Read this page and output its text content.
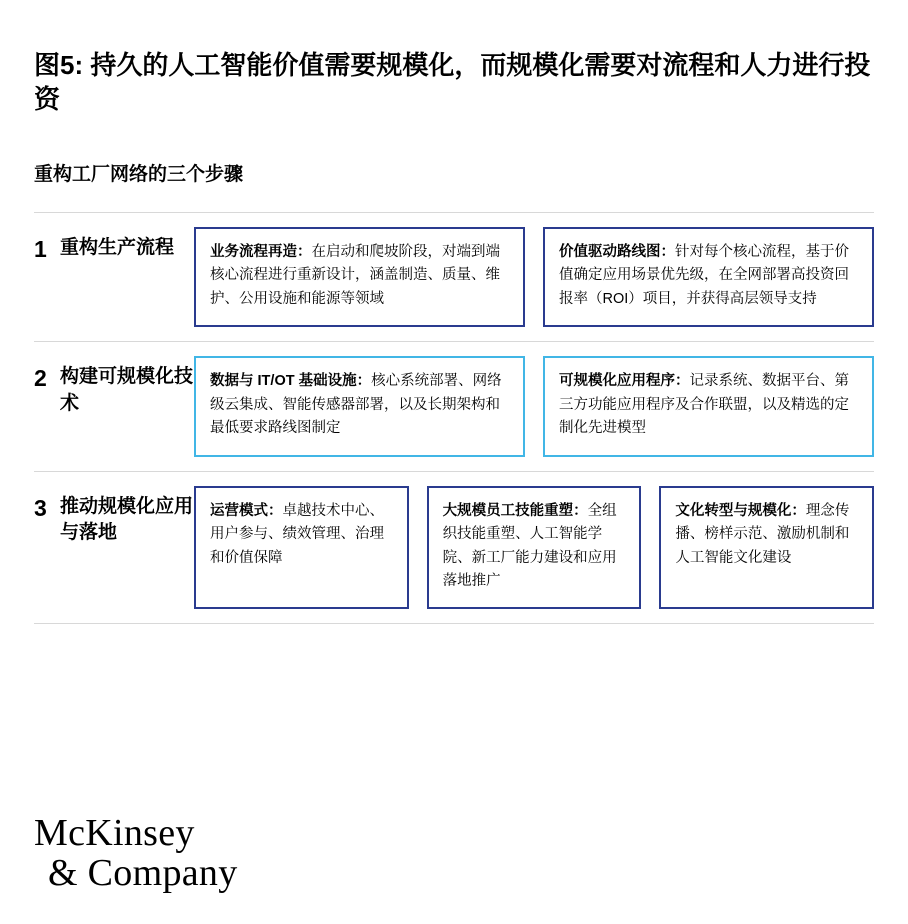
图5: 持久的人工智能价值需要规模化，而规模化需要对流程和人力进行投资
重构工厂网络的三个步骤
1 重构生产流程	业务流程再造：在启动和爬坡阶段，对端到端核心流程进行重新设计，涵盖制造、质量、维护、公用设施和能源等领域
价值驱动路线图：针对每个核心流程，基于价值确定应用场景优先级，在全网部署高投资回报率（ROI）项目，并获得高层领导支持
2 构建可规模化技术
数据与 IT/OT 基础设施：核心系统部署、网络级云集成、智能传感器部署，以及长期架构和最低要求路线图制定
可规模化应用程序：记录系统、数据平台、第三方功能应用程序及合作联盟，以及精选的定制化先进模型
3 推动规模化应用与落地
运营模式：卓越技术中心、用户参与、绩效管理、治理和价值保障
大规模员工技能重塑：全组织技能重塑、人工智能学院、新工厂能力建设和应用落地推广
文化转型与规模化：理念传播、榜样示范、激励机制和人工智能文化建设
McKinsey
& Company
